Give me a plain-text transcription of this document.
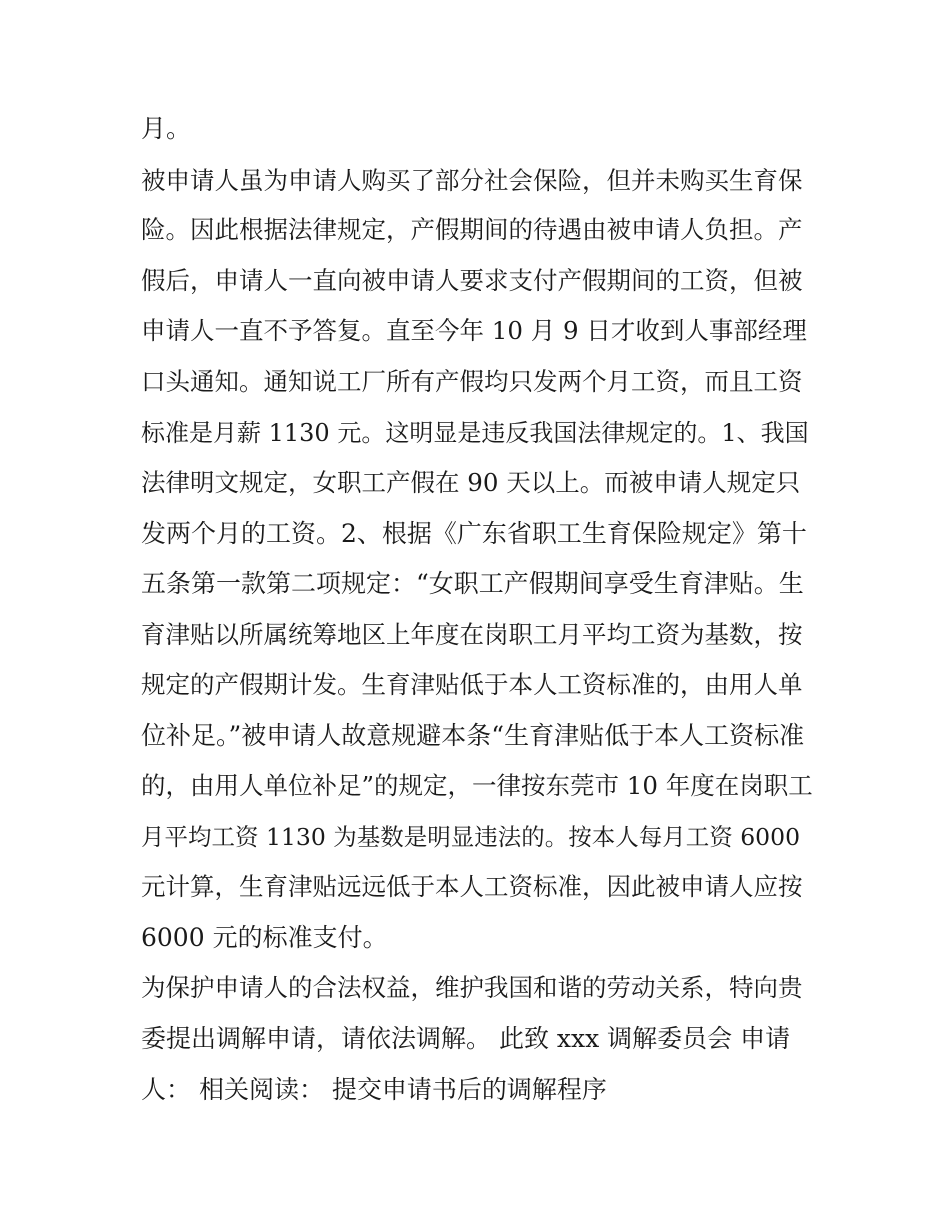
月。

被申请人虽为申请人购买了部分社会保险，但并未购买生育保

险。因此根据法律规定，产假期间的待遇由被申请人负担。产

假后，申请人一直向被申请人要求支付产假期间的工资，但被

申请人一直不予答复。直至今年 10 月 9 日才收到人事部经理

口头通知。通知说工厂所有产假均只发两个月工资，而且工资

标准是月薪 1130 元。这明显是违反我国法律规定的。1、我国

法律明文规定，女职工产假在 90 天以上。而被申请人规定只

发两个月的工资。2、根据《广东省职工生育保险规定》第十

五条第一款第二项规定：“女职工产假期间享受生育津贴。生

育津贴以所属统筹地区上年度在岗职工月平均工资为基数，按

规定的产假期计发。生育津贴低于本人工资标准的，由用人单

位补足。”被申请人故意规避本条“生育津贴低于本人工资标准

的，由用人单位补足”的规定，一律按东莞市 10 年度在岗职工

月平均工资 1130 为基数是明显违法的。按本人每月工资 6000

元计算，生育津贴远远低于本人工资标准，因此被申请人应按

6000 元的标准支付。

为保护申请人的合法权益，维护我国和谐的劳动关系，特向贵

委提出调解申请，请依法调解。 此致 xxx 调解委员会 申请

人： 相关阅读： 提交申请书后的调解程序
